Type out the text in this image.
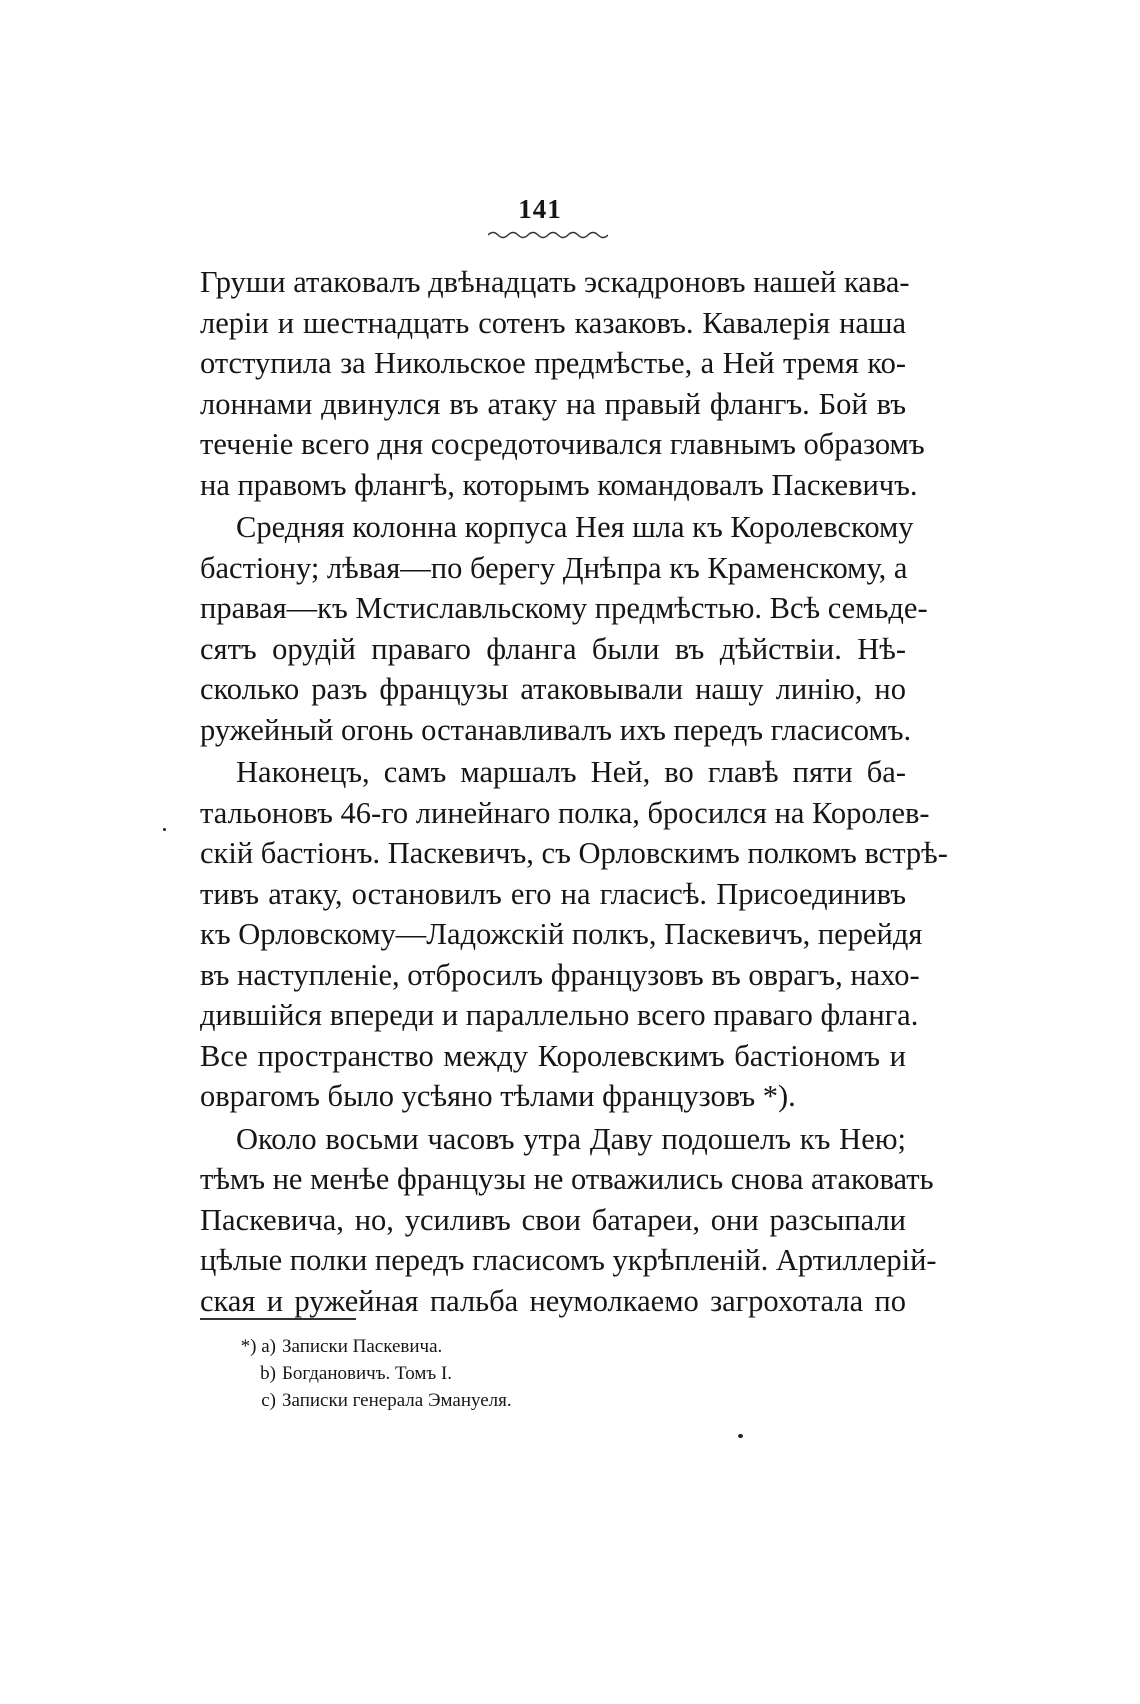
141
Груши атаковалъ двѣнадцать эскадроновъ нашей кава-
лерiи и шестнадцать сотенъ казаковъ. Кавалерiя наша
отступила за Никольское предмѣстье, а Ней тремя ко-
лоннами двинулся въ атаку на правый флангъ. Бой въ
теченiе всего дня сосредоточивался главнымъ образомъ
на правомъ флангѣ, которымъ командовалъ Паскевичъ.
Средняя колонна корпуса Нея шла къ Королевскому
бастiону; лѣвая—по берегу Днѣпра къ Краменскому, а
правая—къ Мстиславльскому предмѣстью. Всѣ семьде-
сятъ орудiй праваго фланга были въ дѣйствiи. Нѣ-
сколько разъ французы атаковывали нашу линiю, но
ружейный огонь останавливалъ ихъ передъ гласисомъ.
Наконецъ, самъ маршалъ Ней, во главѣ пяти ба-
тальоновъ 46-го линейнаго полка, бросился на Королев-
скiй бастiонъ. Паскевичъ, съ Орловскимъ полкомъ встрѣ-
тивъ атаку, остановилъ его на гласисѣ. Присоединивъ
къ Орловскому—Ладожскiй полкъ, Паскевичъ, перейдя
въ наступленiе, отбросилъ французовъ въ оврагъ, нахо-
дившiйся впереди и параллельно всего праваго фланга.
Все пространство между Королевскимъ бастiономъ и
оврагомъ было усѣяно тѣлами французовъ *).
Около восьми часовъ утра Даву подошелъ къ Нею;
тѣмъ не менѣе французы не отважились снова атаковать
Паскевича, но, усиливъ свои батареи, они разсыпали
цѣлые полки передъ гласисомъ укрѣпленiй. Артиллерiй-
ская и ружейная пальба неумолкаемо загрохотала по
*) a) Записки Паскевича.
b) Богдановичъ. Томъ I.
c) Записки генерала Эмануеля.
